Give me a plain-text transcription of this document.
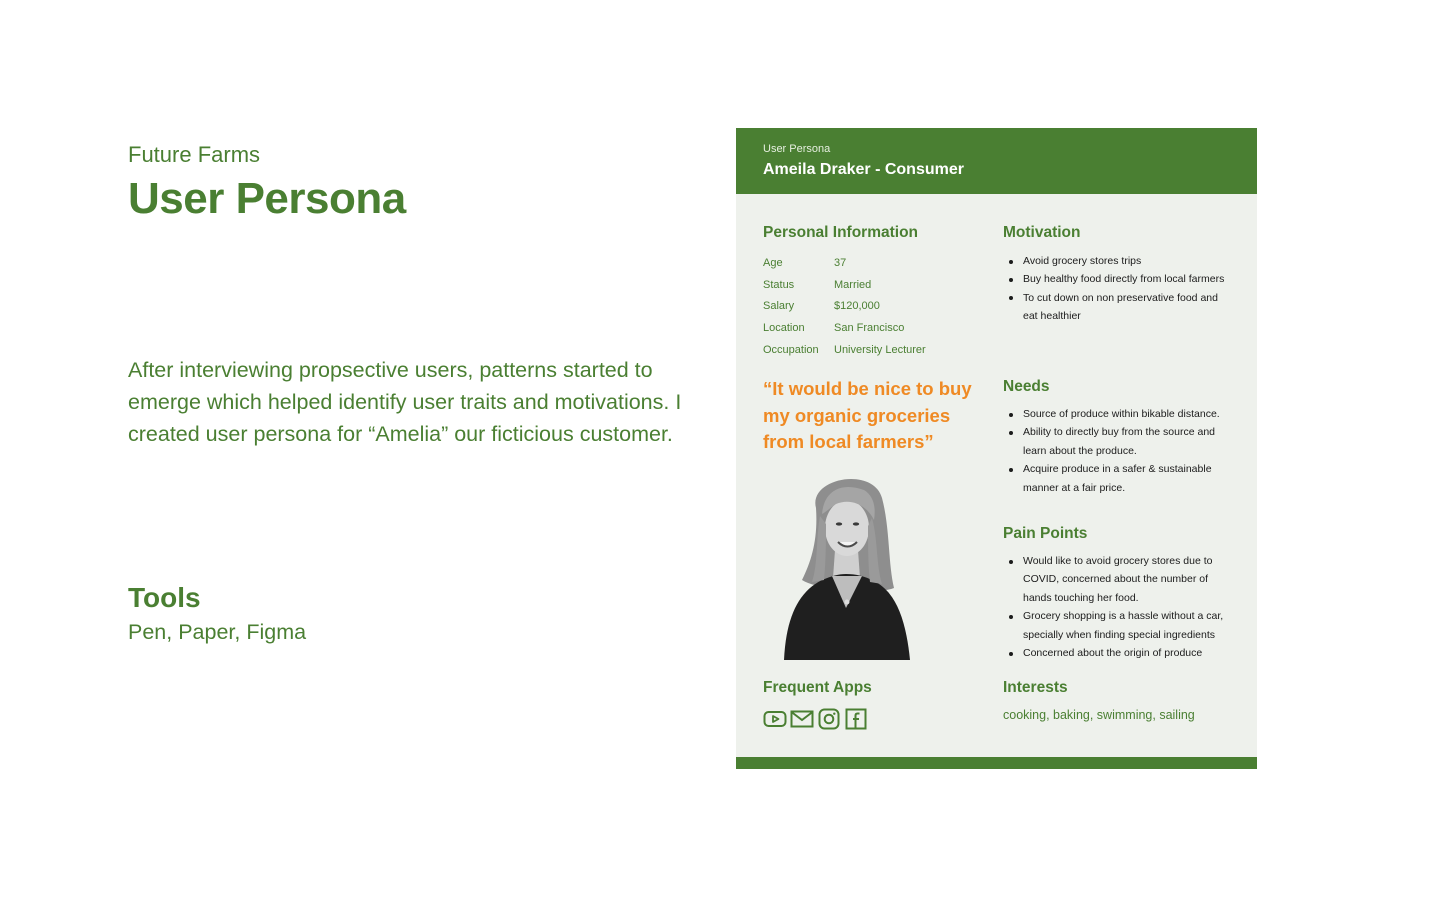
Future Farms
User Persona

After interviewing propsective users, patterns started to emerge which helped identify user traits and motivations. I created user persona for “Amelia” our ficticious customer.

Tools
Pen, Paper, Figma
User Persona
Ameila Draker - Consumer
Personal Information
Age	37
Status	Married
Salary	$120,000
Location	San Francisco
Occupation	University Lecturer
“It would be nice to buy my organic groceries from local farmers”
Frequent Apps
Motivation
Avoid grocery stores trips
Buy healthy food directly from local farmers
To cut down on non preservative food and eat healthier
Needs
Source of produce within bikable distance.
Ability to directly buy from the source and learn about the produce.
Acquire produce in a safer & sustainable manner at a fair price.
Pain Points
Would like to avoid grocery stores due to COVID, concerned about the number of hands touching her food.
Grocery shopping is a hassle without a car, specially when finding special ingredients
Concerned about the origin of produce
Interests
cooking, baking, swimming, sailing
